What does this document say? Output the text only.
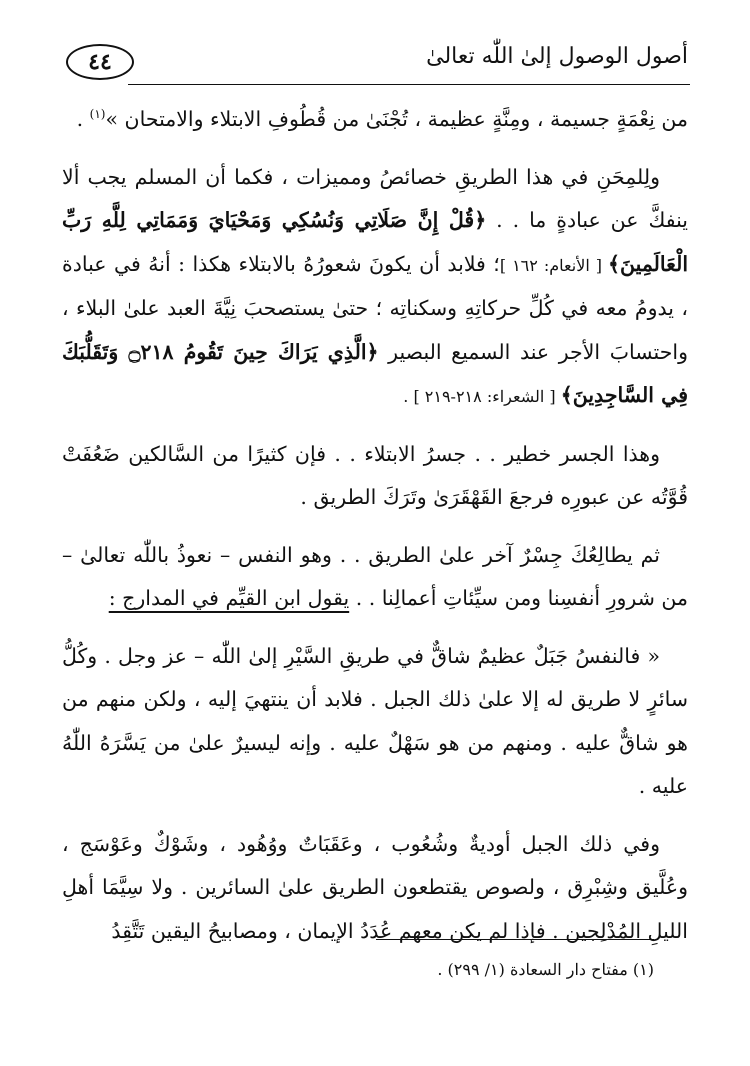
٤٤	أصول الوصول إلىٰ اللّٰه تعالىٰ

من نِعْمَةٍ جسيمة ، ومِنَّةٍ عظيمة ، تُجْنَىٰ من قُطُوفِ الابتلاء والامتحان »$^{(١)}$ .

ولِلمِحَنِ في هذا الطريقِ خصائصُ ومميزات ، فكما أن المسلم يجب ألا ينفكَّ عن عبادةٍ ما . . ﴿قُلْ إِنَّ صَلَاتِي وَنُسُكِي وَمَحْيَايَ وَمَمَاتِي لِلَّهِ رَبِّ الْعَالَمِينَ﴾ [ الأنعام: ١٦٢ ]؛ فلابد أن يكونَ شعورُهُ بالابتلاء هكذا : أنهُ في عبادة ، يدومُ معه في كُلِّ حركاتِهِ وسكناتِه ؛ حتىٰ يستصحبَ نِيَّةَ العبد علىٰ البلاء ، واحتسابَ الأجر عند السميع البصير ﴿الَّذِي يَرَاكَ حِينَ تَقُومُ ۝٢١٨ وَتَقَلُّبَكَ فِي السَّاجِدِينَ﴾ [ الشعراء: ٢١٨-٢١٩ ] .

وهذا الجسر خطير . . جسرُ الابتلاء . . فإن كثيرًا من السَّالكين ضَعُفَتْ قُوَّتُه عن عبورِه فرجعَ القَهْقَرَىٰ وتَرَكَ الطريق .

ثم يطالِعُكَ جِسْرٌ آخر علىٰ الطريق . . وهو النفس – نعوذُ باللّٰه تعالىٰ – من شرورِ أنفسِنا ومن سيِّئاتِ أعمالِنا . . يقول ابن القيِّم في المدارج :

« فالنفسُ جَبَلٌ عظيمٌ شاقٌّ في طريقِ السَّيْرِ إلىٰ اللّٰه – عز وجل . وكُلُّ سائرٍ لا طريق له إلا علىٰ ذلك الجبل . فلابد أن ينتهيَ إليه ، ولكن منهم من هو شاقٌّ عليه . ومنهم من هو سَهْلٌ عليه . وإنه ليسيرٌ علىٰ من يَسَّرَهُ اللّٰهُ عليه .

وفي ذلك الجبل أوديةٌ وشُعُوب ، وعَقَبَاتٌ ووُهُود ، وشَوْكٌ وعَوْسَج ، وعُلَّيق وشِبْرِق ، ولصوص يقتطعون الطريق علىٰ السائرين . ولا سِيَّمَا أهلِ الليلِ المُدْلِجين . فإذا لم يكن معهم عُدَدُ الإيمان ، ومصابيحُ اليقين تَتَّقِدُ

(١) مفتاح دار السعادة (١/ ٢٩٩) .
